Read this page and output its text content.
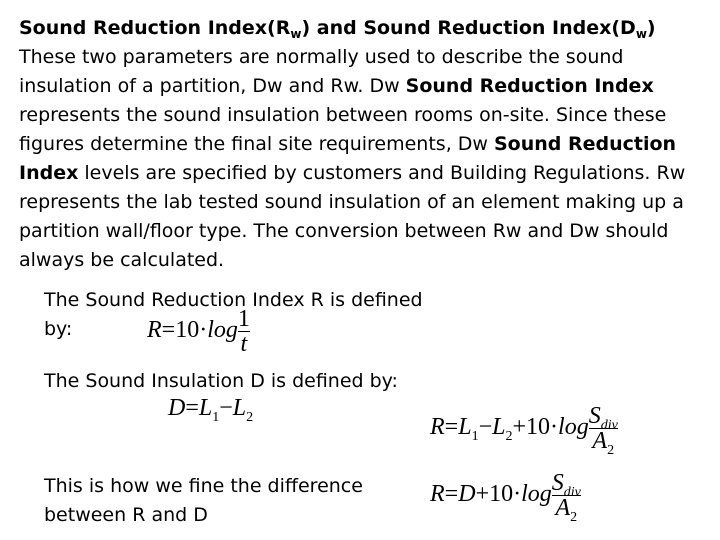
Sound Reduction $Index(R_w)$ and Sound Reduction $Index(D_w)$
These two parameters are normally used to describe the sound insulation of a partition, Dw and Rw. Dw Sound Reduction Index represents the sound insulation between rooms on-site. Since these figures determine the final site requirements, Dw Sound Reduction Index levels are specified by customers and Building Regulations. Rw represents the lab tested sound insulation of an element making up a partition wall/floor type. The conversion between Rw and Dw should always be calculated.
The Sound Reduction Index R is defined
by:	$R=10\cdot\log \frac{1}{t}$
The Sound Insulation D is defined by:
$D=L_1-L_2$	$R=L_1-L_2+10\cdot\log \frac{S_{div}}{A_2}$
This is how we fine the difference
between R and D
$R=D+10\cdot\log \frac{S_{div}}{A_2}$
